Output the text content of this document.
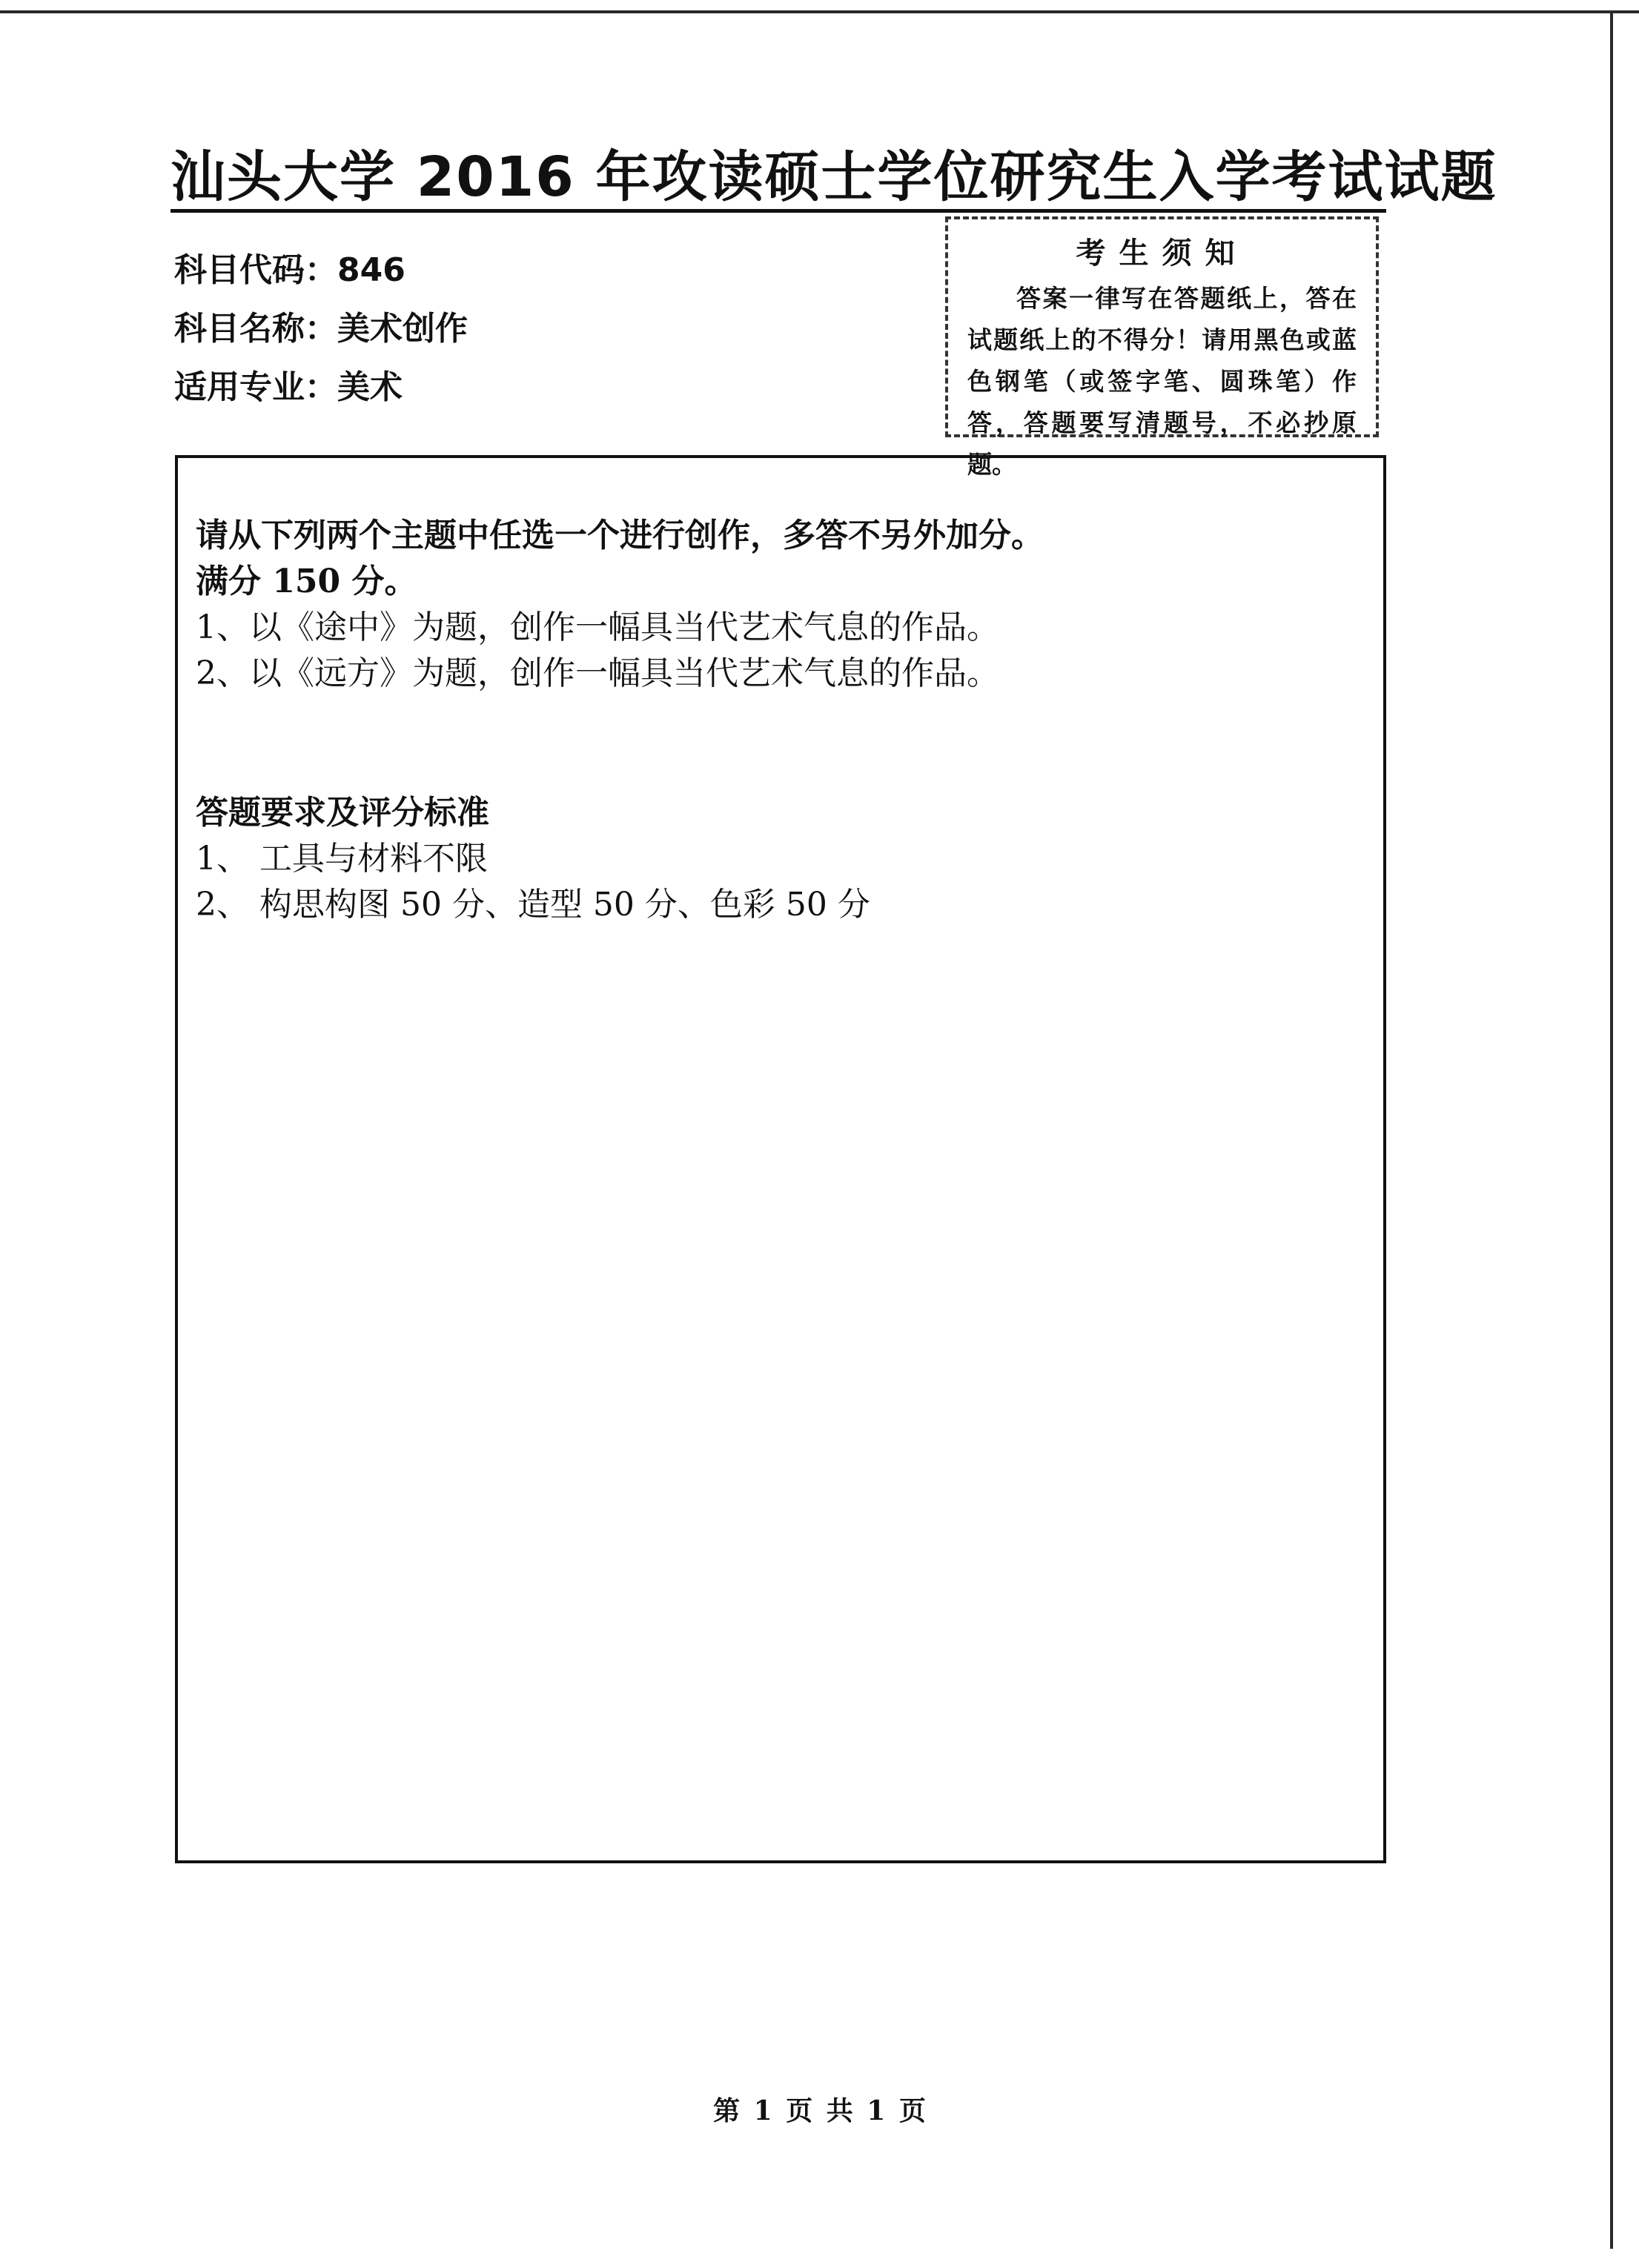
汕头大学 2016 年攻读硕士学位研究生入学考试试题
科目代码：846
科目名称：美术创作
适用专业：美术
考生须知
答案一律写在答题纸上，答在试题纸上的不得分！请用黑色或蓝色钢笔（或签字笔、圆珠笔）作答，答题要写清题号，不必抄原题。
请从下列两个主题中任选一个进行创作，多答不另外加分。
满分 150 分。
1、以《途中》为题，创作一幅具当代艺术气息的作品。
2、以《远方》为题，创作一幅具当代艺术气息的作品。
答题要求及评分标准
1、 工具与材料不限
2、 构思构图 50 分、造型 50 分、色彩 50 分
第 1 页 共 1 页
